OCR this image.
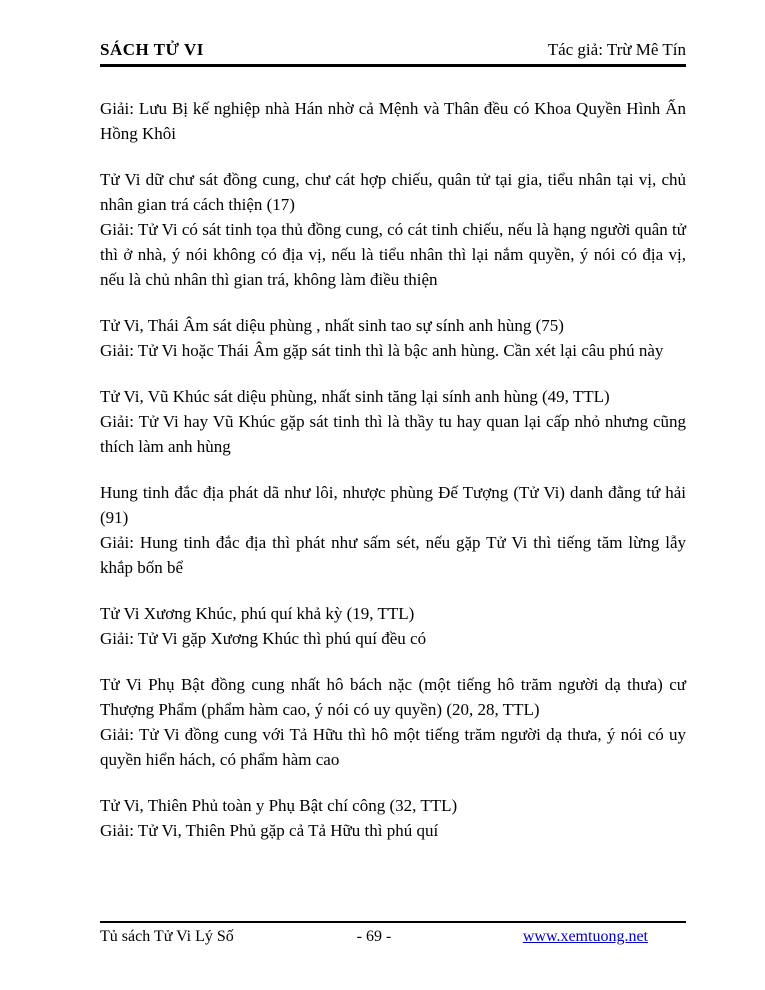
SÁCH TỬ VI	Tác giả: Trừ Mê Tín

Giải: Lưu Bị kế nghiệp nhà Hán nhờ cả Mệnh và Thân đều có Khoa Quyền Hình Ấn Hồng Khôi

Tử Vi dữ chư sát đồng cung, chư cát hợp chiếu, quân tử tại gia, tiểu nhân tại vị, chủ nhân gian trá cách thiện (17)

Giải: Tử Vi có sát tinh tọa thủ đồng cung, có cát tinh chiếu, nếu là hạng người quân tử thì ở nhà, ý nói không có địa vị, nếu là tiểu nhân thì lại nắm quyền, ý nói có địa vị, nếu là chủ nhân thì gian trá, không làm điều thiện

Tử Vi, Thái Âm sát diệu phùng , nhất sinh tao sự sính anh hùng (75)

Giải: Tử Vi hoặc Thái Âm gặp sát tinh thì là bậc anh hùng. Cần xét lại câu phú này

Tử Vi, Vũ Khúc sát diệu phùng, nhất sinh tăng lại sính anh hùng (49, TTL)

Giải: Tử Vi hay Vũ Khúc gặp sát tinh thì là thầy tu hay quan lại cấp nhỏ nhưng cũng thích làm anh hùng

Hung tinh đắc địa phát dã như lôi, nhược phùng Đế Tượng (Tử Vi) danh đằng tứ hải (91)

Giải: Hung tinh đắc địa thì phát như sấm sét, nếu gặp Tử Vi thì tiếng tăm lừng lẫy khắp bốn bể

Tử Vi Xương Khúc, phú quí khả kỳ (19, TTL)

Giải: Tử Vi gặp Xương Khúc thì phú quí đều có

Tử Vi Phụ Bật đồng cung nhất hô bách nặc (một tiếng hô trăm người dạ thưa) cư Thượng Phẩm (phẩm hàm cao, ý nói có uy quyền) (20, 28, TTL)

Giải: Tử Vi đồng cung với Tả Hữu thì hô một tiếng trăm người dạ thưa, ý nói có uy quyền hiển hách, có phẩm hàm cao

Tử Vi, Thiên Phủ toàn y Phụ Bật chí công (32, TTL)

Giải: Tử Vi, Thiên Phủ gặp cả Tả Hữu thì phú quí

Tủ sách Tử Vi Lý Số	- 69 -	www.xemtuong.net
